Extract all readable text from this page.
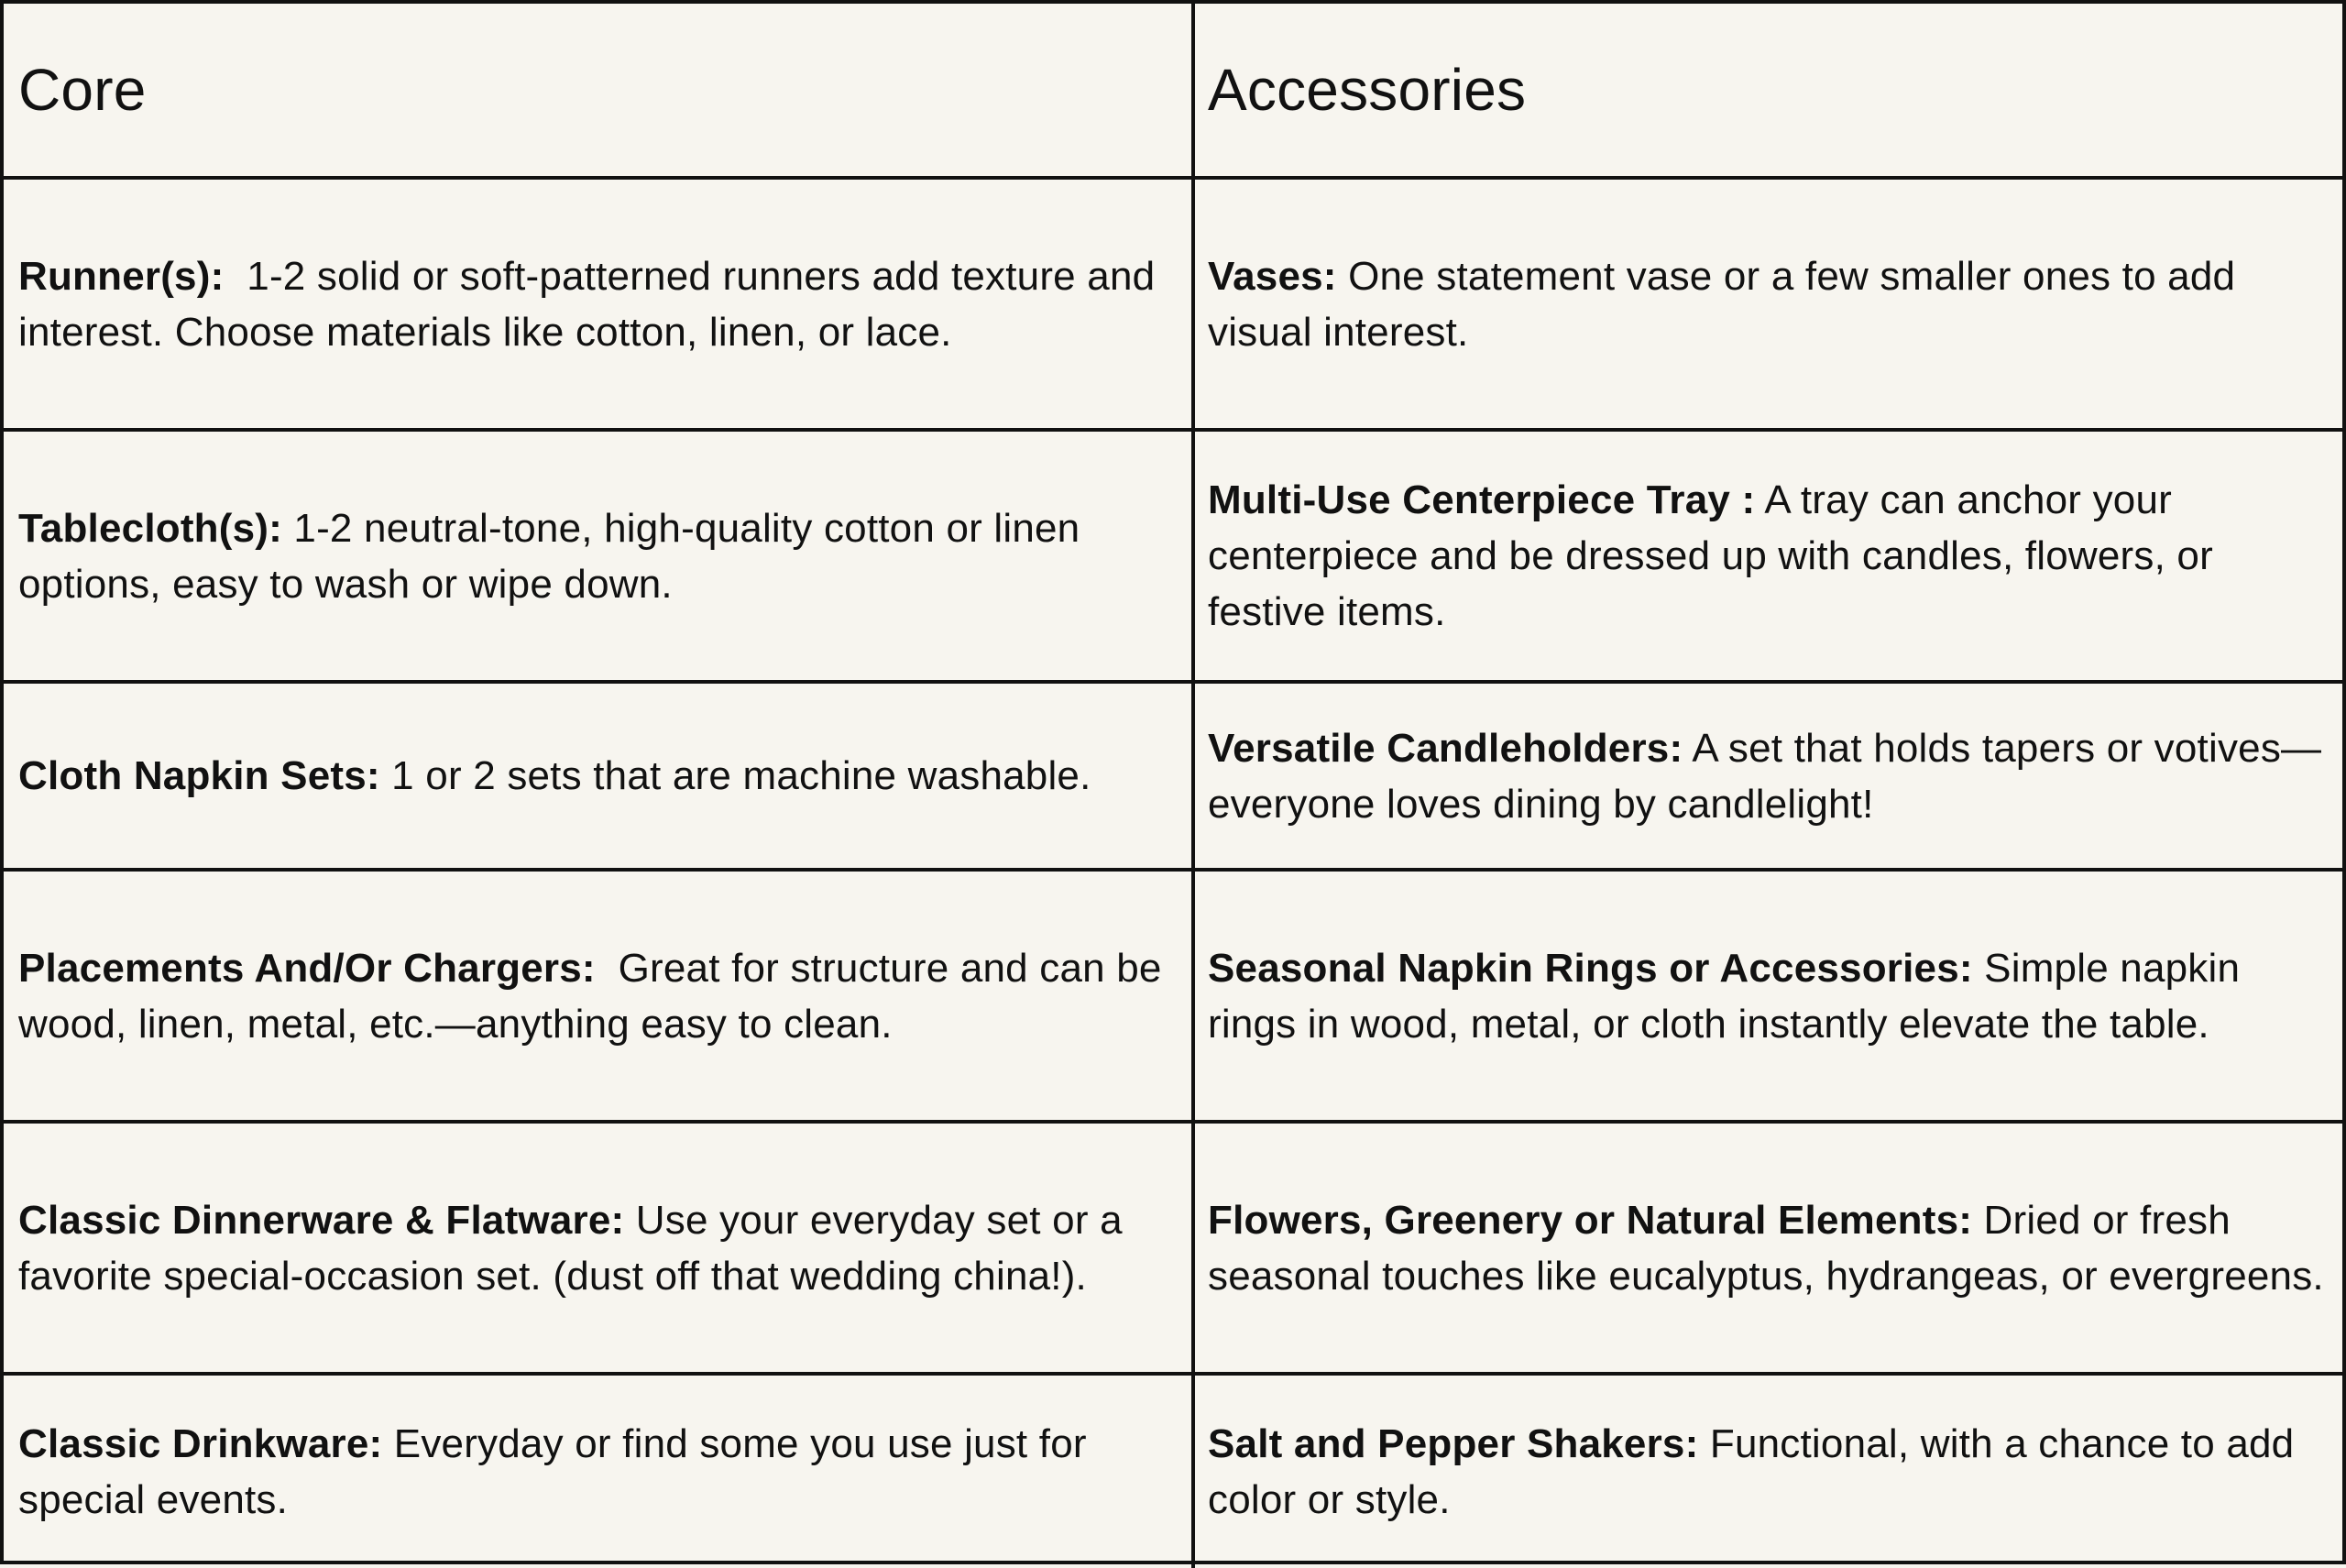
Core	Accessories
Runner(s):  1-2 solid or soft-patterned runners add texture and interest. Choose materials like cotton, linen, or lace.
Vases: One statement vase or a few smaller ones to add visual interest.
Tablecloth(s): 1-2 neutral-tone, high-quality cotton or linen options, easy to wash or wipe down.
Multi-Use Centerpiece Tray : A tray can anchor your centerpiece and be dressed up with candles, flowers, or festive items.
Cloth Napkin Sets: 1 or 2 sets that are machine washable.
Versatile Candleholders: A set that holds tapers or votives—everyone loves dining by candlelight!
Placements And/Or Chargers:  Great for structure and can be wood, linen, metal, etc.—anything easy to clean.
Seasonal Napkin Rings or Accessories: Simple napkin rings in wood, metal, or cloth instantly elevate the table.
Classic Dinnerware & Flatware: Use your everyday set or a favorite special-occasion set. (dust off that wedding china!).
Flowers, Greenery or Natural Elements: Dried or fresh seasonal touches like eucalyptus, hydrangeas, or evergreens.
Classic Drinkware: Everyday or find some you use just for special events.
Salt and Pepper Shakers: Functional, with a chance to add color or style.
